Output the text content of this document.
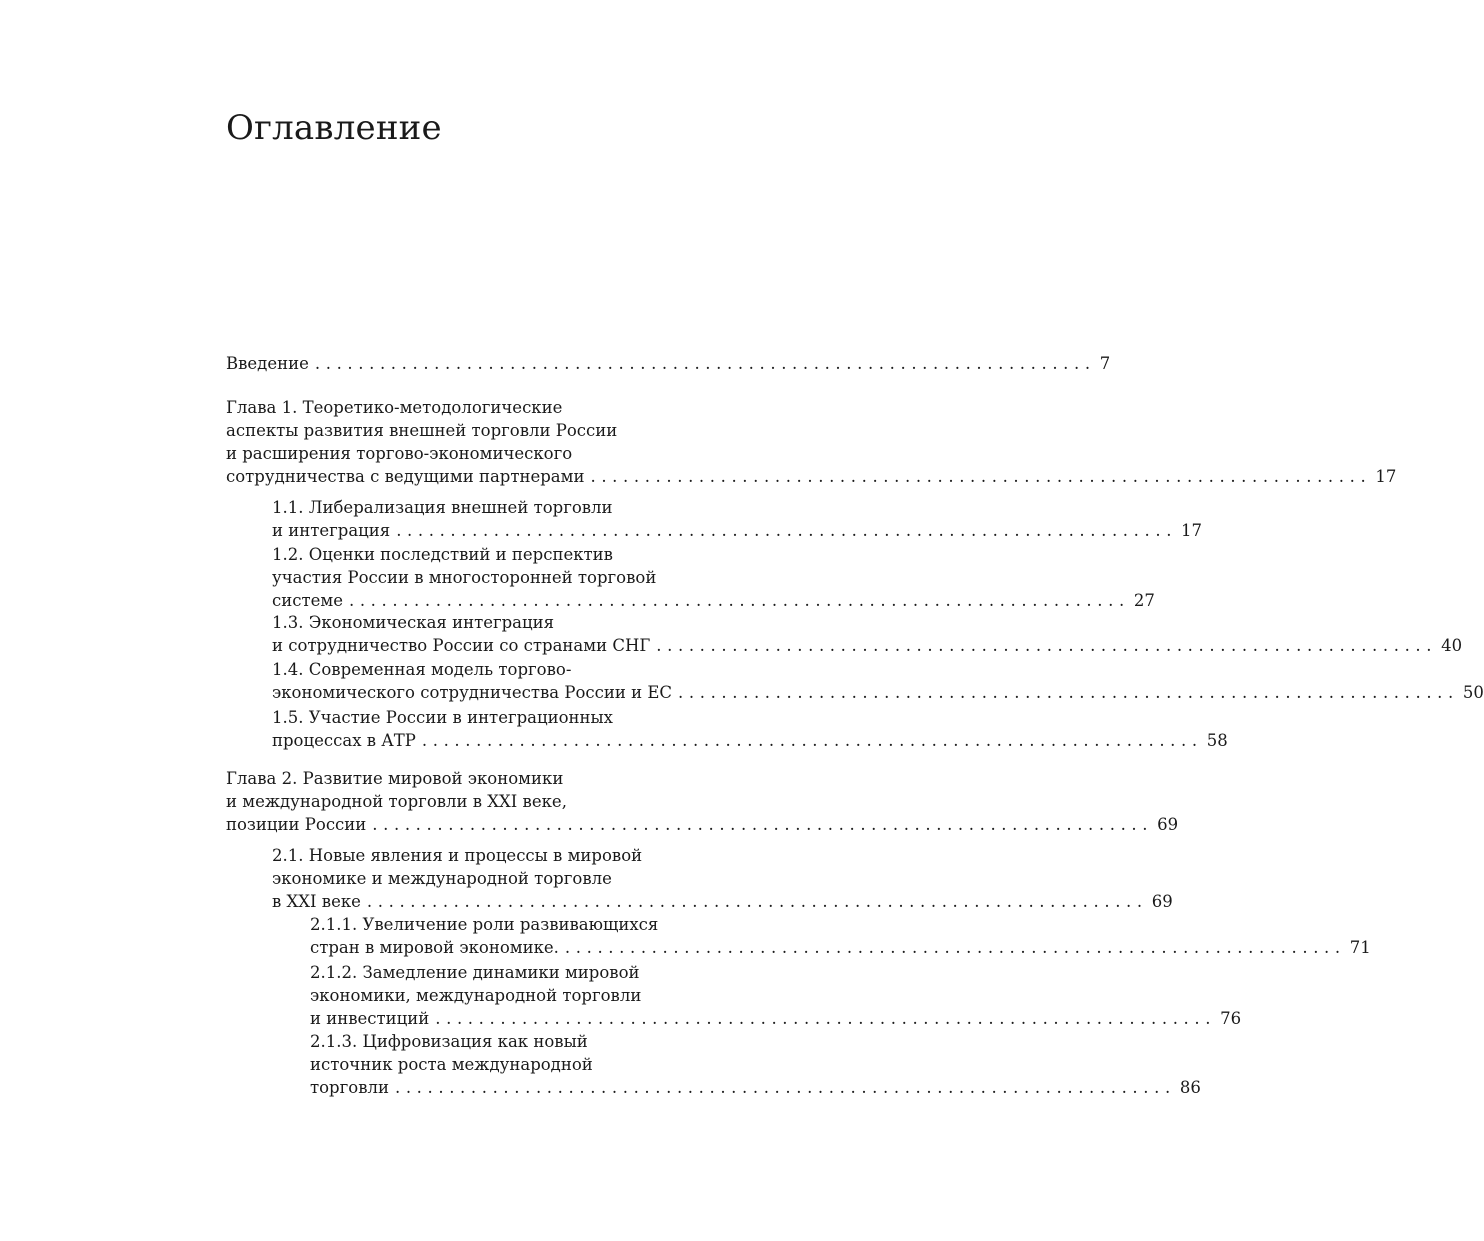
Оглавление
Введение ........................................................................ 7
Глава 1. Теоретико-методологические
аспекты развития внешней торговли России
и расширения торгово-экономического
сотрудничества с ведущими партнерами ........................................................................ 17
1.1. Либерализация внешней торговли
и интеграция ........................................................................ 17
1.2. Оценки последствий и перспектив
участия России в многосторонней торговой
системе ........................................................................ 27
1.3. Экономическая интеграция
и сотрудничество России со странами СНГ ........................................................................ 40
1.4. Современная модель торгово-
экономического сотрудничества России и ЕС ........................................................................ 50
1.5. Участие России в интеграционных
процессах в АТР ........................................................................ 58
Глава 2. Развитие мировой экономики
и международной торговли в XXI веке,
позиции России ........................................................................ 69
2.1. Новые явления и процессы в мировой
экономике и международной торговле
в XXI веке ........................................................................ 69
2.1.1. Увеличение роли развивающихся
стран в мировой экономике. ........................................................................ 71
2.1.2. Замедление динамики мировой
экономики, международной торговли
и инвестиций ........................................................................ 76
2.1.3. Цифровизация как новый
источник роста международной
торговли ........................................................................ 86
